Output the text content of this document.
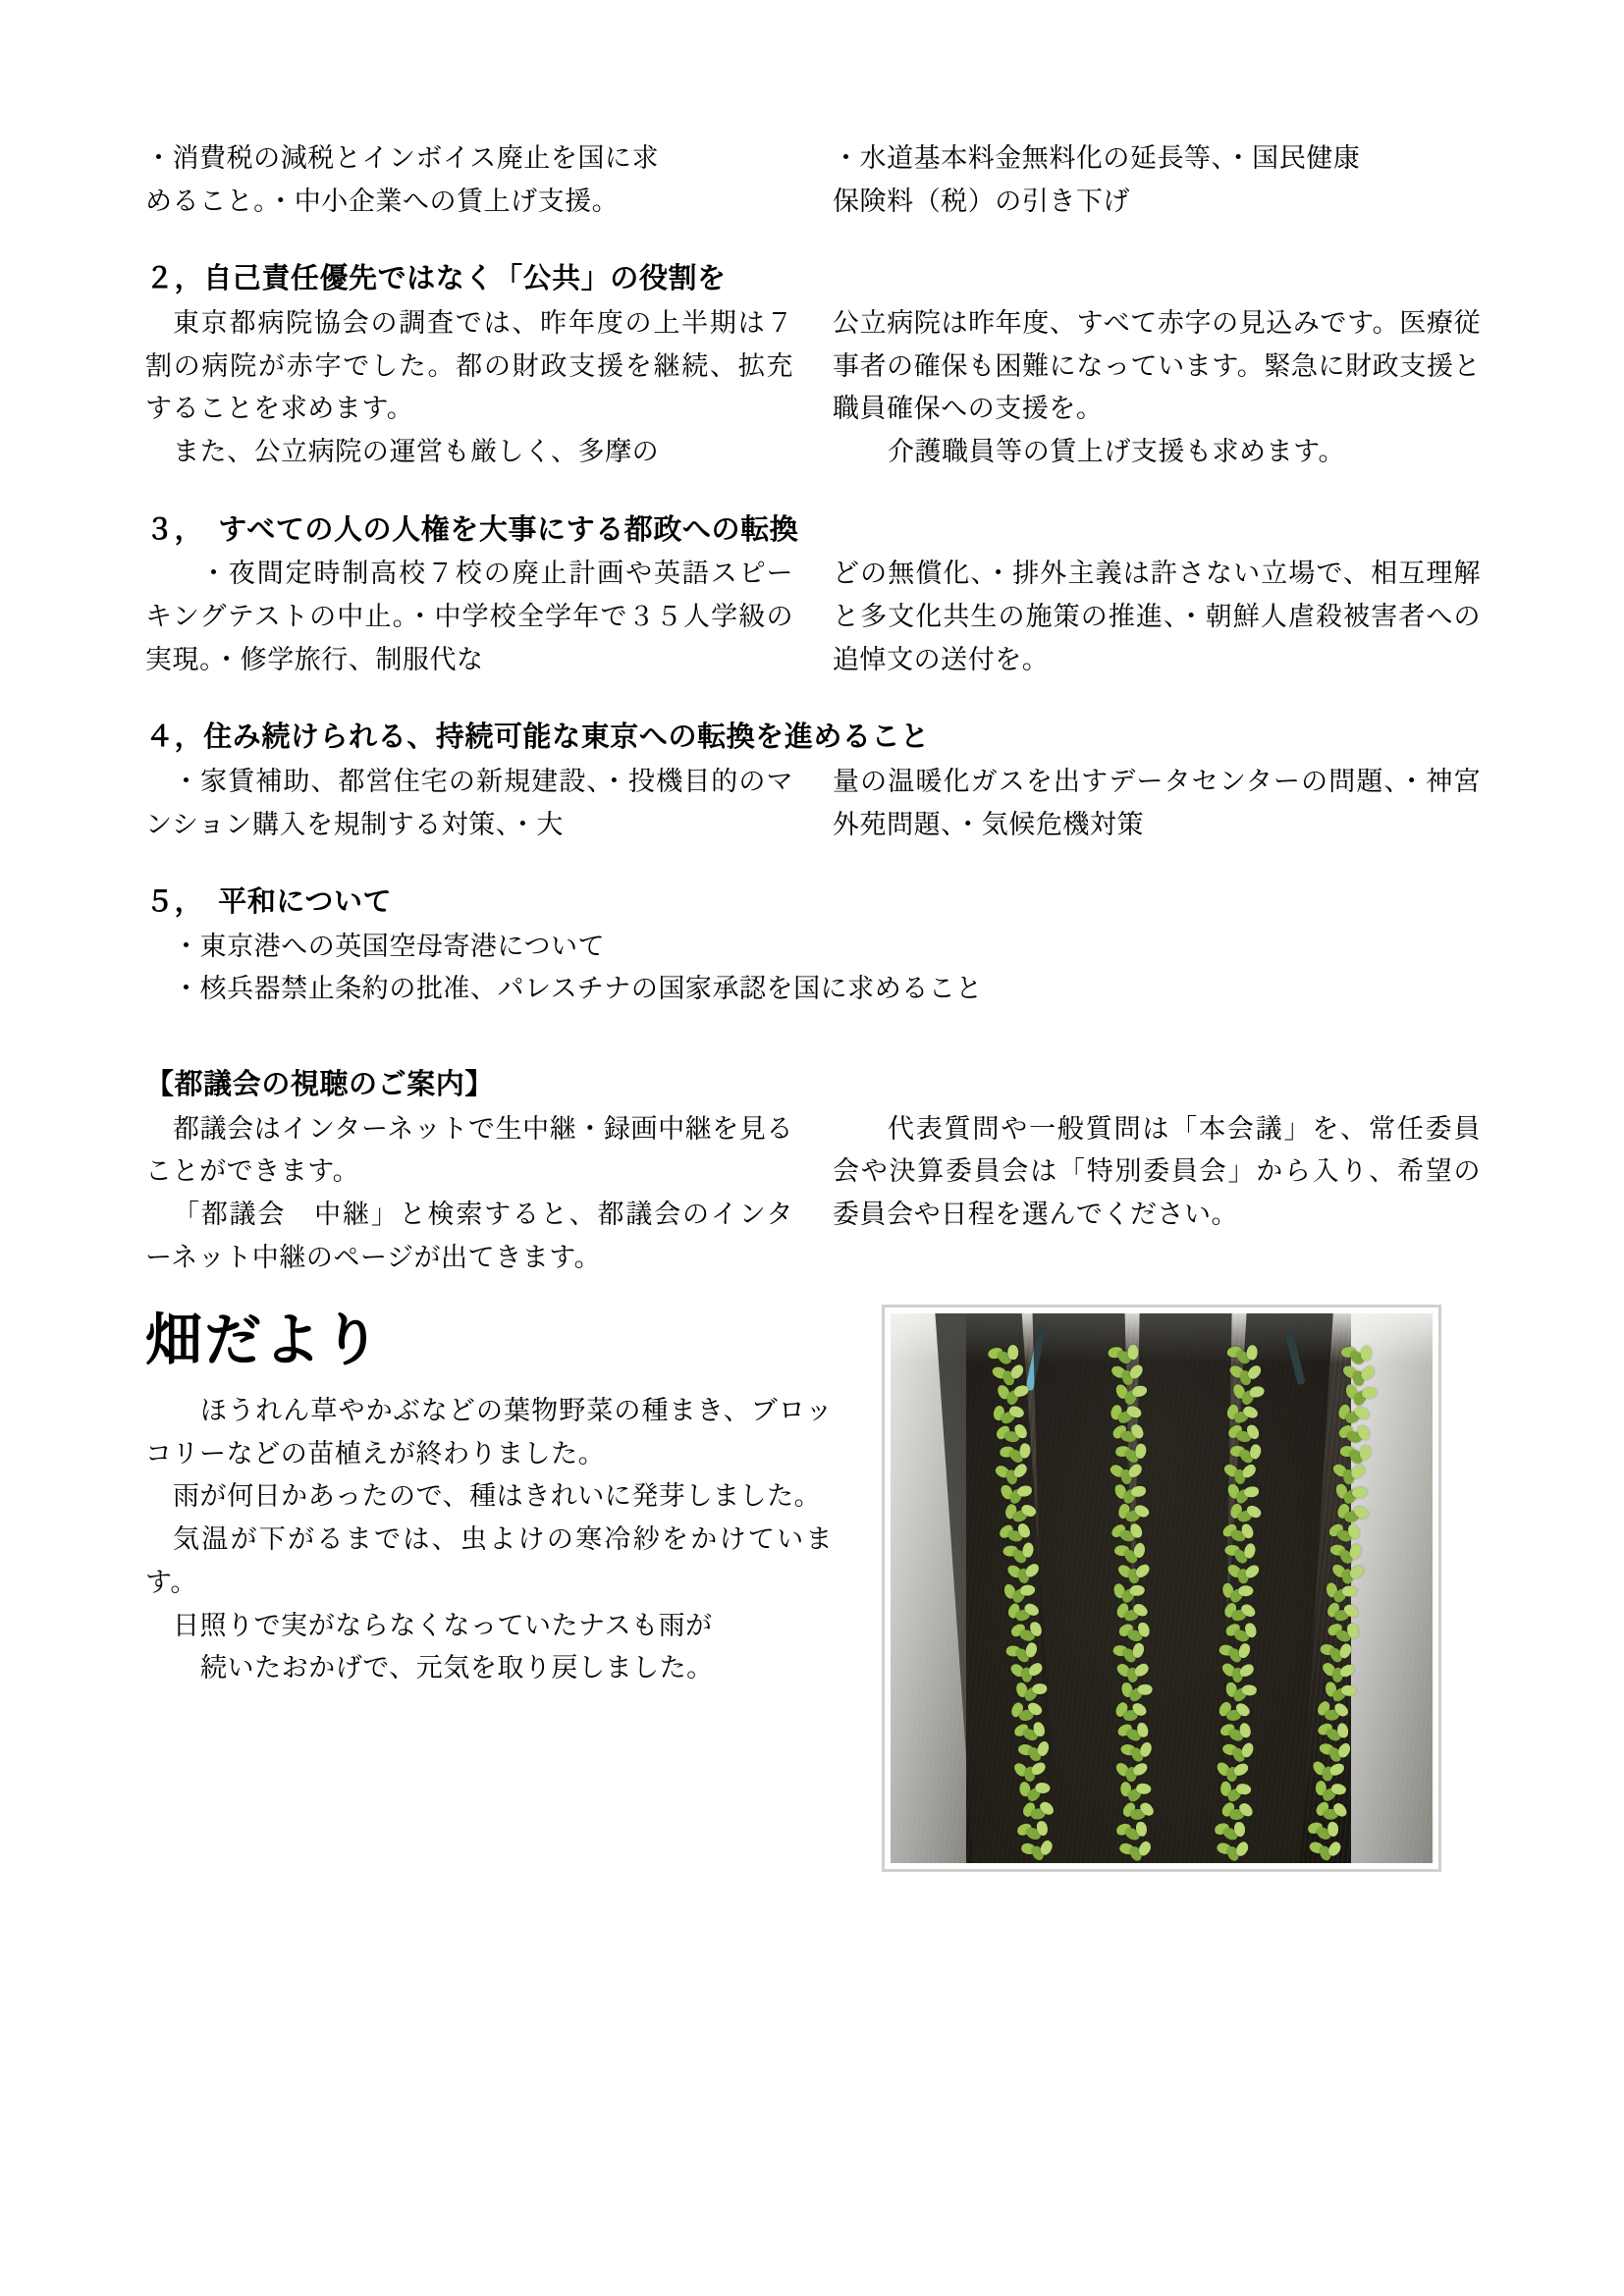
・消費税の減税とインボイス廃止を国に求

めること。・中小企業への賃上げ支援。

・水道基本料金無料化の延長等、・国民健康

保険料（税）の引き下げ

２，自己責任優先ではなく「公共」の役割を

東京都病院協会の調査では、昨年度の上半期は７割の病院が赤字でした。都の財政支援を継続、拡充することを求めます。

また、公立病院の運営も厳しく、多摩の

公立病院は昨年度、すべて赤字の見込みです。医療従事者の確保も困難になっています。緊急に財政支援と職員確保への支援を。

介護職員等の賃上げ支援も求めます。

３，　すべての人の人権を大事にする都政への転換

・夜間定時制高校７校の廃止計画や英語スピーキングテストの中止。・中学校全学年で３５人学級の実現。・修学旅行、制服代な

どの無償化、・排外主義は許さない立場で、相互理解と多文化共生の施策の推進、・朝鮮人虐殺被害者への追悼文の送付を。

４，住み続けられる、持続可能な東京への転換を進めること

・家賃補助、都営住宅の新規建設、・投機目的のマンション購入を規制する対策、・大

量の温暖化ガスを出すデータセンターの問題、・神宮外苑問題、・気候危機対策

５，　平和について

・東京港への英国空母寄港について

・核兵器禁止条約の批准、パレスチナの国家承認を国に求めること

【都議会の視聴のご案内】

都議会はインターネットで生中継・録画中継を見ることができます。

「都議会　中継」と検索すると、都議会のインターネット中継のページが出てきます。

代表質問や一般質問は「本会議」を、常任委員会や決算委員会は「特別委員会」から入り、希望の委員会や日程を選んでください。

畑だより

ほうれん草やかぶなどの葉物野菜の種まき、ブロッコリーなどの苗植えが終わりました。

雨が何日かあったので、種はきれいに発芽しました。

気温が下がるまでは、虫よけの寒冷紗をかけています。

日照りで実がならなくなっていたナスも雨が

続いたおかげで、元気を取り戻しました。
